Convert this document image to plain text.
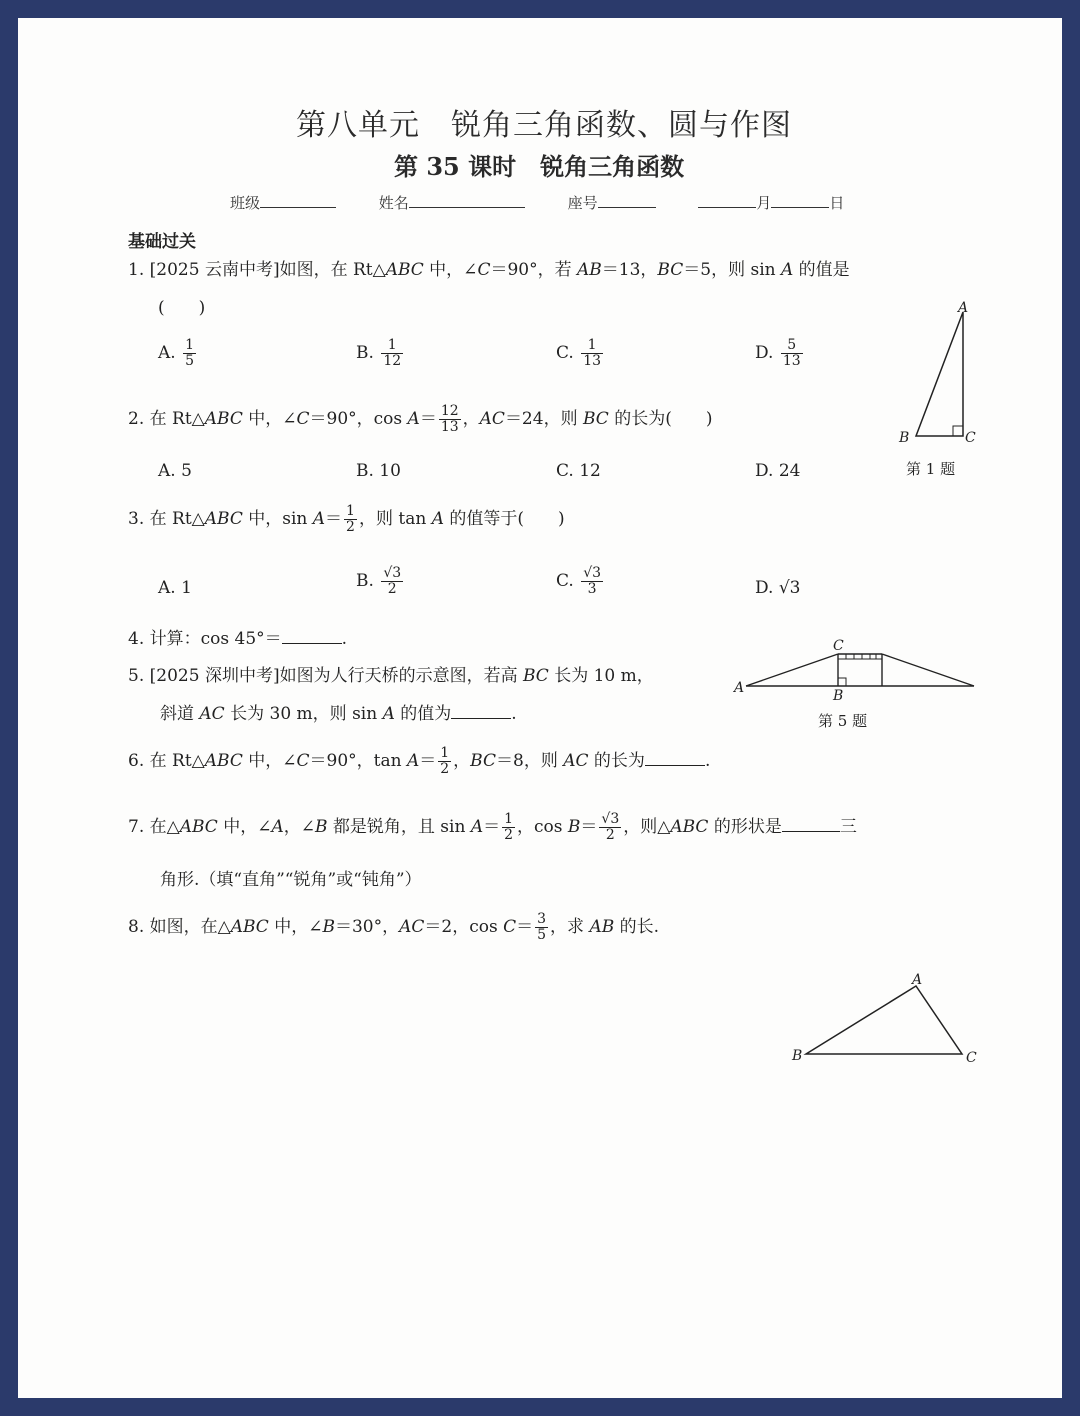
第八单元　锐角三角函数、圆与作图
第 35 课时　锐角三角函数
班级	姓名	座号	月	日
基础过关
1. [2025 云南中考]如图，在 Rt△ABC 中，∠C＝90°，若 AB＝13，BC＝5，则 sin A 的值是
(　　)
A. $\frac{1}{5}$	B. $\frac{1}{12}$	C. $\frac{1}{13}$	D. $\frac{5}{13}$
A
B	C
第 1 题
2. 在 Rt△ABC 中，∠C＝90°，$\cos A= \frac{12}{13}$ ，AC＝24，则 BC 的长为(　　)
A. 5	B. 10	C. 12	D. 24
3. 在 Rt△ABC 中，$\sin A= \frac{1}{2}$ ，则 tan A 的值等于(　　)
A. 1	B. $\frac{√3}{2}$	C. $\frac{√3}{3}$	D. √3
4. 计算：cos 45°＝	.
5. [2025 深圳中考]如图为人行天桥的示意图，若高 BC 长为 10 m，
斜道 AC 长为 30 m，则 sin A 的值为	.
A	B
C
第 5 题
6. 在 Rt△ABC 中，∠C＝90°，$\tan A= \frac{1}{2}$ ，BC＝8，则 AC 的长为	.
7. 在△ABC 中，∠A，∠B 都是锐角，且 $\sin A= \frac{1}{2}$ ，$\cos B= \frac{√3}{2}$ ，则△ABC 的形状是	三
角形.（填“直角”“锐角”或“钝角”）
8. 如图，在△ABC 中，∠B＝30°，AC＝2，$\cos C= \frac{3}{5}$ ，求 AB 的长.
A
B	C
